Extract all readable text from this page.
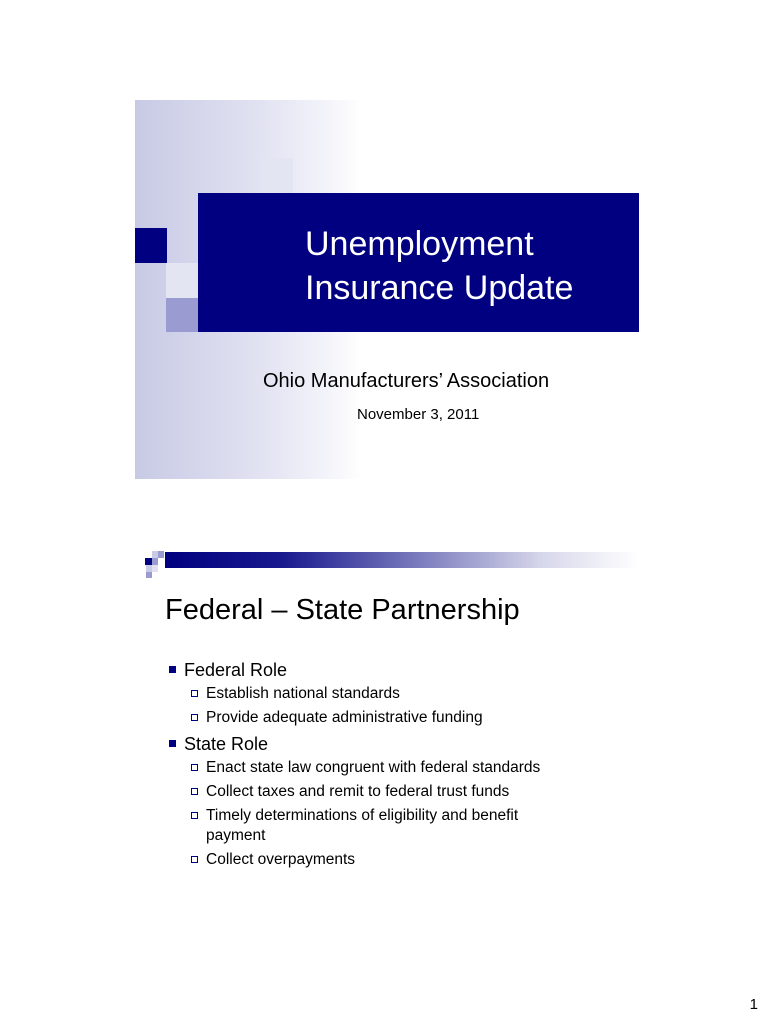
Unemployment
Insurance Update
Ohio Manufacturers’ Association
November 3, 2011
Federal – State Partnership
Federal Role
Establish national standards
Provide adequate administrative funding
State Role
Enact state law congruent with federal standards
Collect taxes and remit to federal trust funds
Timely determinations of eligibility and benefit payment
Collect overpayments
1
